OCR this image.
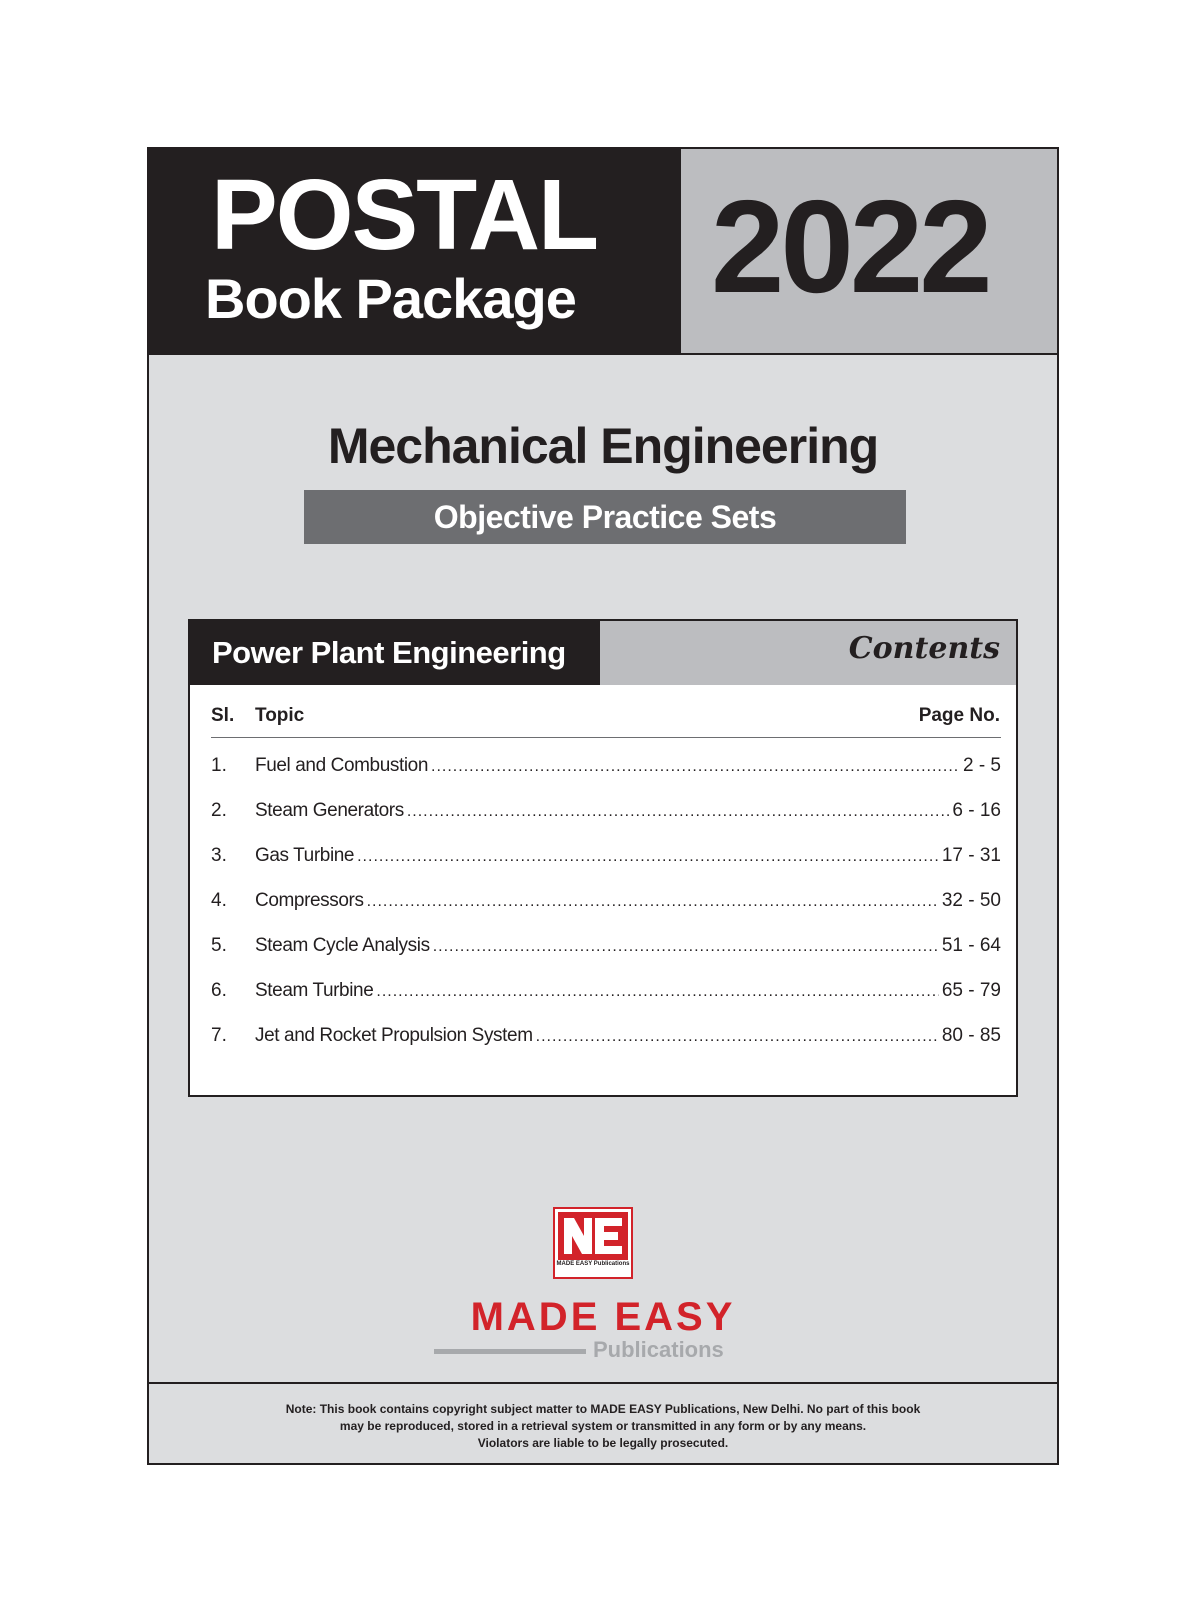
POSTAL
Book Package 2022
Mechanical Engineering
Objective Practice Sets
Power Plant Engineering	Contents
Sl. Topic	Page No.
1.	Fuel and Combustion .....	2 - 5
2.	Steam Generators .....	6 - 16
3.	Gas Turbine .....	17 - 31
4.	Compressors .....	32 - 50
5.	Steam Cycle Analysis .....	51 - 64
6.	Steam Turbine .....	65 - 79
7.	Jet and Rocket Propulsion System .....	80 - 85
MADE EASY Publications
MADE EASY
Publications
Note: This book contains copyright subject matter to MADE EASY Publications, New Delhi. No part of this book
may be reproduced, stored in a retrieval system or transmitted in any form or by any means.
Violators are liable to be legally prosecuted.
